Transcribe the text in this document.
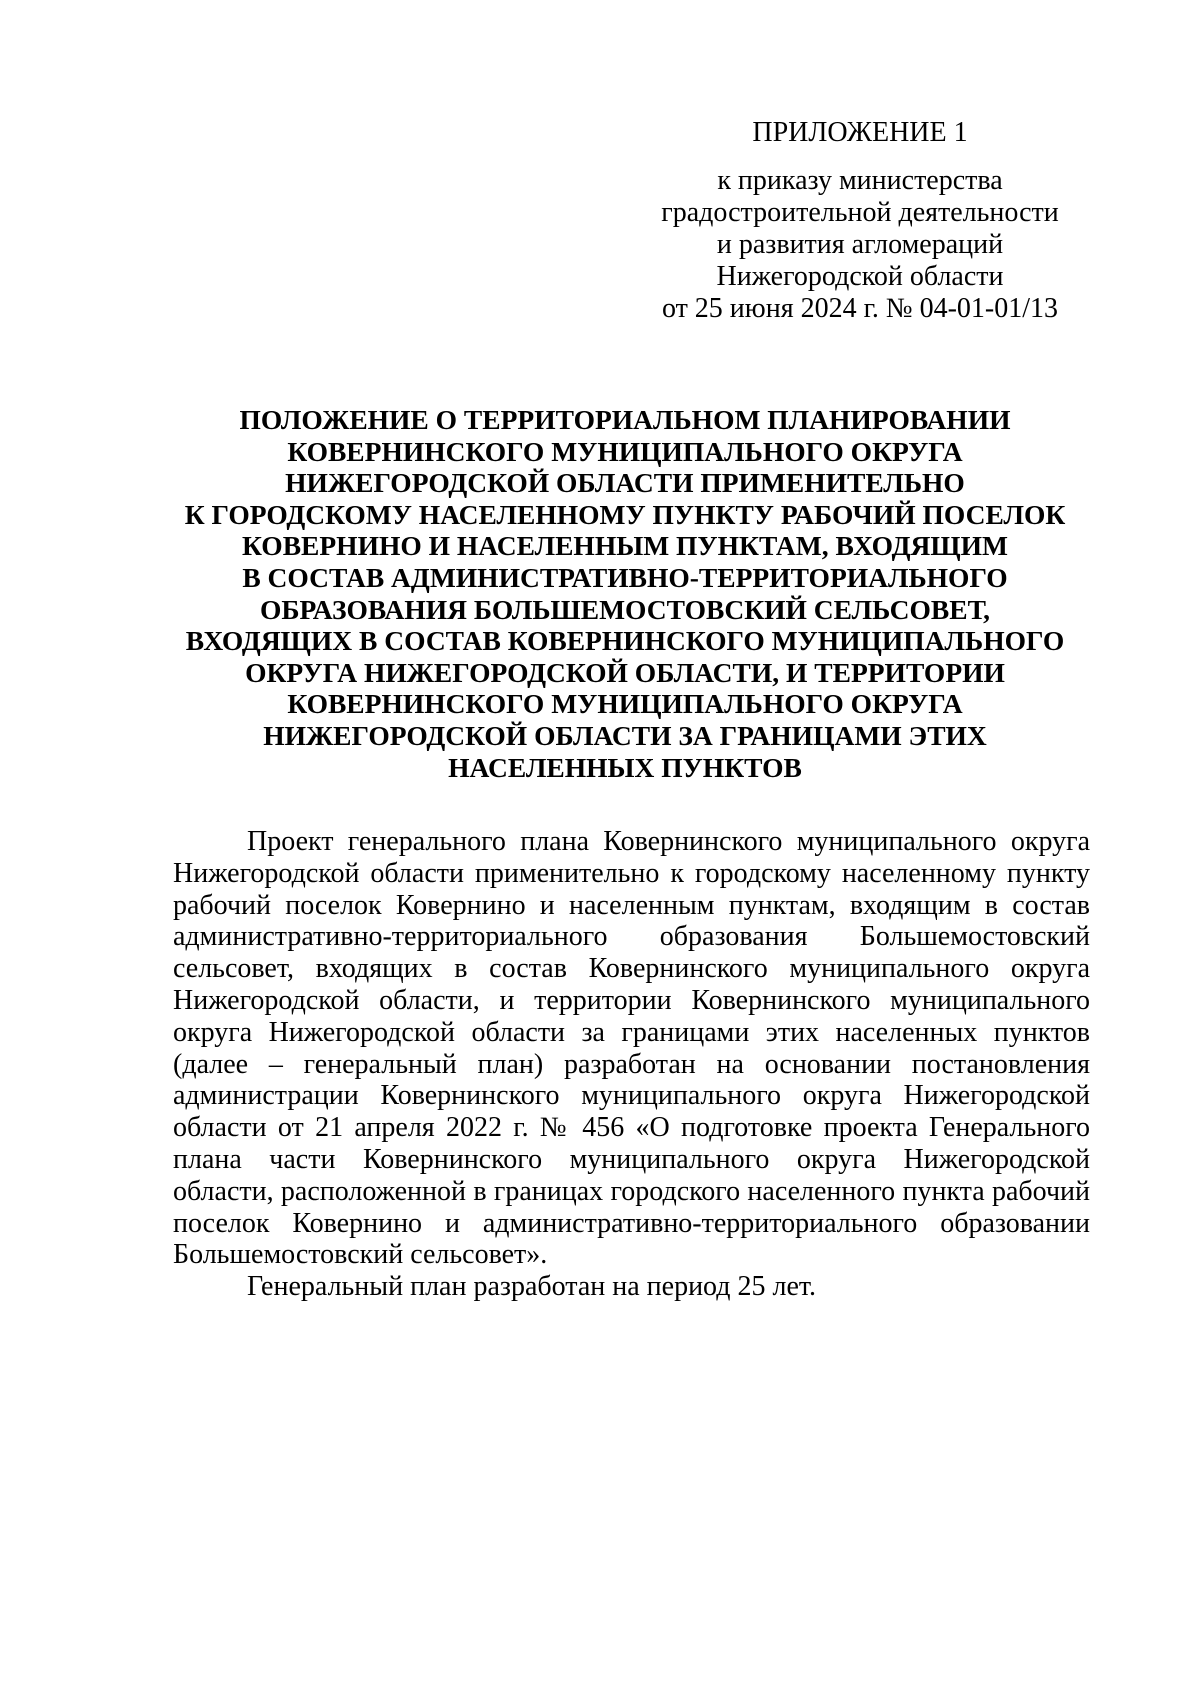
ПРИЛОЖЕНИЕ 1
к приказу министерства
градостроительной деятельности
и развития агломераций
Нижегородской области
от 25 июня 2024 г. № 04-01-01/13
ПОЛОЖЕНИЕ О ТЕРРИТОРИАЛЬНОМ ПЛАНИРОВАНИИ
КОВЕРНИНСКОГО МУНИЦИПАЛЬНОГО ОКРУГА
НИЖЕГОРОДСКОЙ ОБЛАСТИ ПРИМЕНИТЕЛЬНО
К ГОРОДСКОМУ НАСЕЛЕННОМУ ПУНКТУ РАБОЧИЙ ПОСЕЛОК
КОВЕРНИНО И НАСЕЛЕННЫМ ПУНКТАМ, ВХОДЯЩИМ
В СОСТАВ АДМИНИСТРАТИВНО-ТЕРРИТОРИАЛЬНОГО
ОБРАЗОВАНИЯ БОЛЬШЕМОСТОВСКИЙ СЕЛЬСОВЕТ,
ВХОДЯЩИХ В СОСТАВ КОВЕРНИНСКОГО МУНИЦИПАЛЬНОГО
ОКРУГА НИЖЕГОРОДСКОЙ ОБЛАСТИ, И ТЕРРИТОРИИ
КОВЕРНИНСКОГО МУНИЦИПАЛЬНОГО ОКРУГА
НИЖЕГОРОДСКОЙ ОБЛАСТИ ЗА ГРАНИЦАМИ ЭТИХ
НАСЕЛЕННЫХ ПУНКТОВ

Проект генерального плана Ковернинского муниципального округа Нижегородской области применительно к городскому населенному пункту рабочий поселок Ковернино и населенным пунктам, входящим в состав административно-территориального образования Большемостовский сельсовет, входящих в состав Ковернинского муниципального округа Нижегородской области, и территории Ковернинского муниципального округа Нижегородской области за границами этих населенных пунктов (далее – генеральный план) разработан на основании постановления администрации Ковернинского муниципального округа Нижегородской области от 21 апреля 2022 г. № 456 «О подготовке проекта Генерального плана части Ковернинского муниципального округа Нижегородской области, расположенной в границах городского населенного пункта рабочий поселок Ковернино и административно-территориального образовании Большемостовский сельсовет».

Генеральный план разработан на период 25 лет.
